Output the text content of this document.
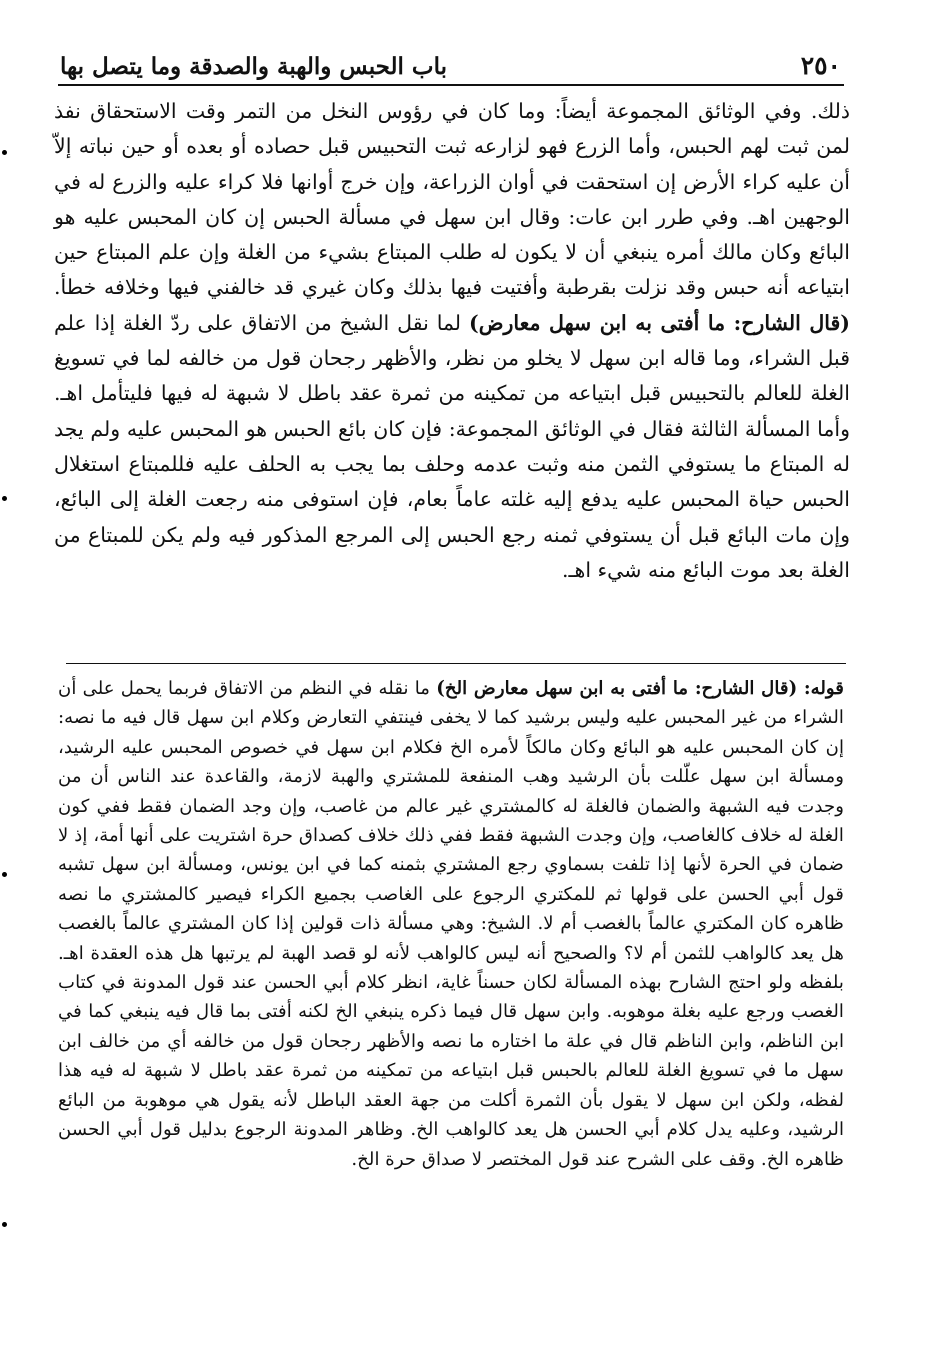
٢٥٠
باب الحبس والهبة والصدقة وما يتصل بها

ذلك. وفي الوثائق المجموعة أيضاً: وما كان في رؤوس النخل من التمر وقت الاستحقاق نفذ لمن ثبت لهم الحبس، وأما الزرع فهو لزارعه ثبت التحبيس قبل حصاده أو بعده أو حين نباته إلاّ أن عليه كراء الأرض إن استحقت في أوان الزراعة، وإن خرج أوانها فلا كراء عليه والزرع له في الوجهين اهـ. وفي طرر ابن عات: وقال ابن سهل في مسألة الحبس إن كان المحبس عليه هو البائع وكان مالك أمره ينبغي أن لا يكون له طلب المبتاع بشيء من الغلة وإن علم المبتاع حين ابتياعه أنه حبس وقد نزلت بقرطبة وأفتيت فيها بذلك وكان غيري قد خالفني فيها وخلافه خطأ. (قال الشارح: ما أفتى به ابن سهل معارض) لما نقل الشيخ من الاتفاق على ردّ الغلة إذا علم قبل الشراء، وما قاله ابن سهل لا يخلو من نظر، والأظهر رجحان قول من خالفه لما في تسويغ الغلة للعالم بالتحبيس قبل ابتياعه من تمكينه من ثمرة عقد باطل لا شبهة له فيها فليتأمل اهـ. وأما المسألة الثالثة فقال في الوثائق المجموعة: فإن كان بائع الحبس هو المحبس عليه ولم يجد له المبتاع ما يستوفي الثمن منه وثبت عدمه وحلف بما يجب به الحلف عليه فللمبتاع استغلال الحبس حياة المحبس عليه يدفع إليه غلته عاماً بعام، فإن استوفى منه رجعت الغلة إلى البائع، وإن مات البائع قبل أن يستوفي ثمنه رجع الحبس إلى المرجع المذكور فيه ولم يكن للمبتاع من الغلة بعد موت البائع منه شيء اهـ.

قوله: (قال الشارح: ما أفتى به ابن سهل معارض الخ) ما نقله في النظم من الاتفاق فربما يحمل على أن الشراء من غير المحبس عليه وليس برشيد كما لا يخفى فينتفي التعارض وكلام ابن سهل قال فيه ما نصه: إن كان المحبس عليه هو البائع وكان مالكاً لأمره الخ فكلام ابن سهل في خصوص المحبس عليه الرشيد، ومسألة ابن سهل علّلت بأن الرشيد وهب المنفعة للمشتري والهبة لازمة، والقاعدة عند الناس أن من وجدت فيه الشبهة والضمان فالغلة له كالمشتري غير عالم من غاصب، وإن وجد الضمان فقط ففي كون الغلة له خلاف كالغاصب، وإن وجدت الشبهة فقط ففي ذلك خلاف كصداق حرة اشتريت على أنها أمة، إذ لا ضمان في الحرة لأنها إذا تلفت بسماوي رجع المشتري بثمنه كما في ابن يونس، ومسألة ابن سهل تشبه قول أبي الحسن على قولها ثم للمكتري الرجوع على الغاصب بجميع الكراء فيصير كالمشتري ما نصه ظاهره كان المكتري عالماً بالغصب أم لا. الشيخ: وهي مسألة ذات قولين إذا كان المشتري عالماً بالغصب هل يعد كالواهب للثمن أم لا؟ والصحيح أنه ليس كالواهب لأنه لو قصد الهبة لم يرتبها هل هذه العقدة اهـ. بلفظه ولو احتج الشارح بهذه المسألة لكان حسناً غاية، انظر كلام أبي الحسن عند قول المدونة في كتاب الغصب ورجع عليه بغلة موهوبه. وابن سهل قال فيما ذكره ينبغي الخ لكنه أفتى بما قال فيه ينبغي كما في ابن الناظم، وابن الناظم قال في علة ما اختاره ما نصه والأظهر رجحان قول من خالفه أي من خالف ابن سهل ما في تسويغ الغلة للعالم بالحبس قبل ابتياعه من تمكينه من ثمرة عقد باطل لا شبهة له فيه هذا لفظه، ولكن ابن سهل لا يقول بأن الثمرة أكلت من جهة العقد الباطل لأنه يقول هي موهوبة من البائع الرشيد، وعليه يدل كلام أبي الحسن هل يعد كالواهب الخ. وظاهر المدونة الرجوع بدليل قول أبي الحسن ظاهره الخ. وقف على الشرح عند قول المختصر لا صداق حرة الخ.
